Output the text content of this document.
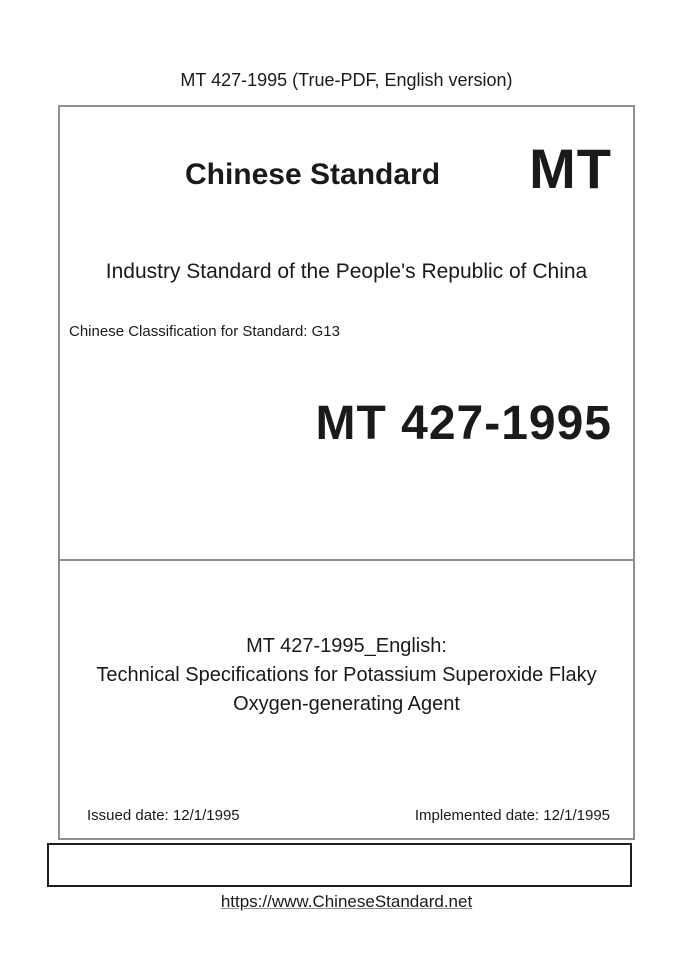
MT 427-1995 (True-PDF, English version)
Chinese Standard	MT
Industry Standard of the People's Republic of China
Chinese Classification for Standard: G13
MT 427-1995
MT 427-1995_English:
Technical Specifications for Potassium Superoxide Flaky
Oxygen-generating Agent
Issued date: 12/1/1995	Implemented date: 12/1/1995
https://www.ChineseStandard.net
